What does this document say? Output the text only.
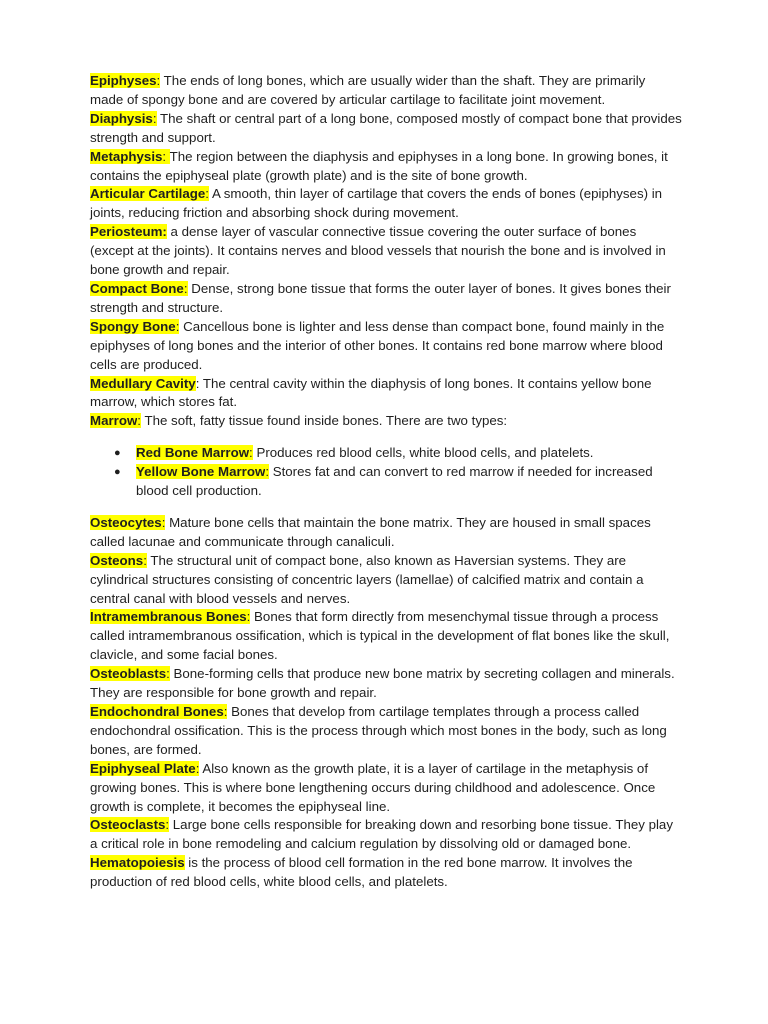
Epiphyses: The ends of long bones, which are usually wider than the shaft. They are primarily made of spongy bone and are covered by articular cartilage to facilitate joint movement.

Diaphysis: The shaft or central part of a long bone, composed mostly of compact bone that provides strength and support.

Metaphysis: The region between the diaphysis and epiphyses in a long bone. In growing bones, it contains the epiphyseal plate (growth plate) and is the site of bone growth.

Articular Cartilage: A smooth, thin layer of cartilage that covers the ends of bones (epiphyses) in joints, reducing friction and absorbing shock during movement.

Periosteum: a dense layer of vascular connective tissue covering the outer surface of bones (except at the joints). It contains nerves and blood vessels that nourish the bone and is involved in bone growth and repair.

Compact Bone: Dense, strong bone tissue that forms the outer layer of bones. It gives bones their strength and structure.

Spongy Bone: Cancellous bone is lighter and less dense than compact bone, found mainly in the epiphyses of long bones and the interior of other bones. It contains red bone marrow where blood cells are produced.

Medullary Cavity: The central cavity within the diaphysis of long bones. It contains yellow bone marrow, which stores fat.

Marrow: The soft, fatty tissue found inside bones. There are two types:

● Red Bone Marrow: Produces red blood cells, white blood cells, and platelets.
● Yellow Bone Marrow: Stores fat and can convert to red marrow if needed for increased blood cell production.

Osteocytes: Mature bone cells that maintain the bone matrix. They are housed in small spaces called lacunae and communicate through canaliculi.

Osteons: The structural unit of compact bone, also known as Haversian systems. They are cylindrical structures consisting of concentric layers (lamellae) of calcified matrix and contain a central canal with blood vessels and nerves.

Intramembranous Bones: Bones that form directly from mesenchymal tissue through a process called intramembranous ossification, which is typical in the development of flat bones like the skull, clavicle, and some facial bones.

Osteoblasts: Bone-forming cells that produce new bone matrix by secreting collagen and minerals. They are responsible for bone growth and repair.

Endochondral Bones: Bones that develop from cartilage templates through a process called endochondral ossification. This is the process through which most bones in the body, such as long bones, are formed.

Epiphyseal Plate: Also known as the growth plate, it is a layer of cartilage in the metaphysis of growing bones. This is where bone lengthening occurs during childhood and adolescence. Once growth is complete, it becomes the epiphyseal line.

Osteoclasts: Large bone cells responsible for breaking down and resorbing bone tissue. They play a critical role in bone remodeling and calcium regulation by dissolving old or damaged bone.

Hematopoiesis is the process of blood cell formation in the red bone marrow. It involves the production of red blood cells, white blood cells, and platelets.
